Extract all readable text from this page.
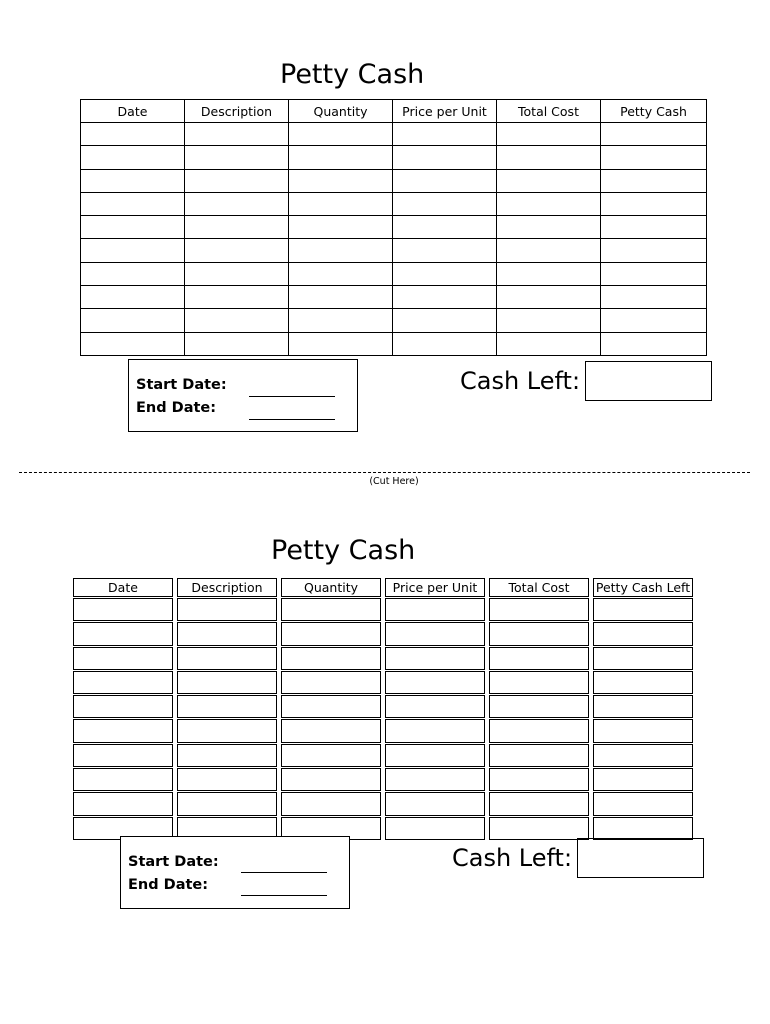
Petty Cash
Date	Description	Quantity	Price per Unit	Total Cost	Petty Cash

Start Date:
End Date:
Cash Left:
(Cut Here)
Petty Cash
Date	Description	Quantity	Price per Unit	Total Cost	Petty Cash Left

Start Date:
End Date:
Cash Left:
